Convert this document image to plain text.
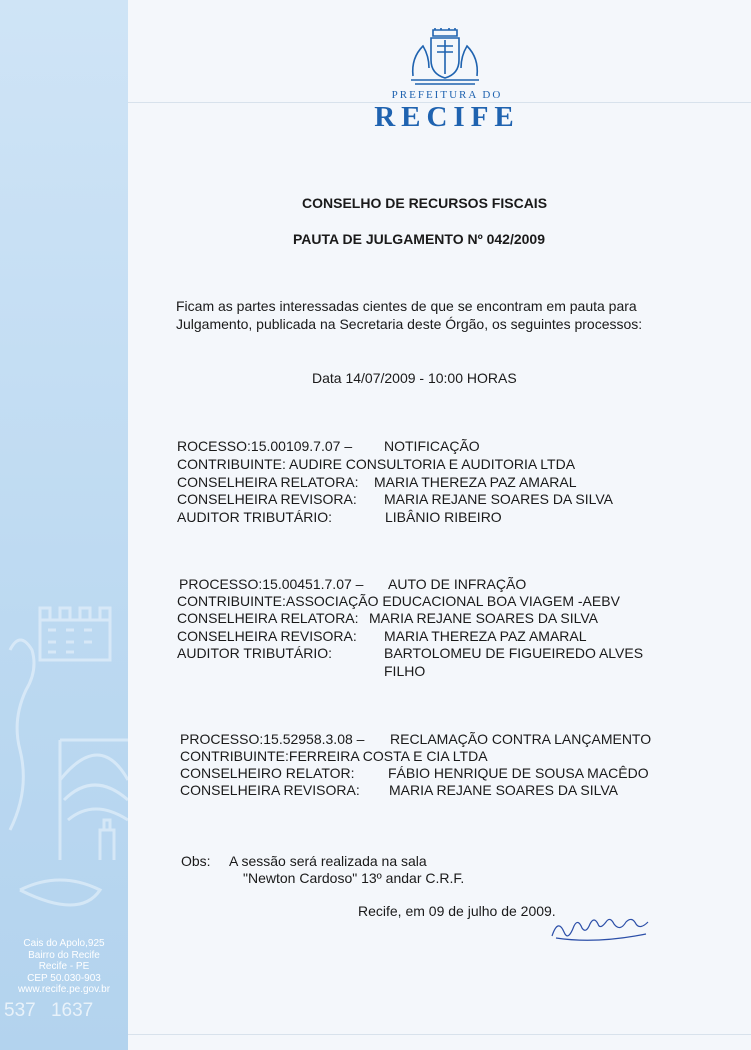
Cais do Apolo,925
Bairro do Recife
Recife - PE
CEP 50.030-903
www.recife.pe.gov.br
537 1637
PREFEITURA DO
RECIFE
CONSELHO DE RECURSOS FISCAIS
PAUTA DE JULGAMENTO Nº 042/2009
Ficam as partes interessadas cientes de que se encontram em pauta para
Julgamento, publicada na Secretaria deste Órgão, os seguintes processos:
Data 14/07/2009 - 10:00 HORAS
ROCESSO:15.00109.7.07 – NOTIFICAÇÃO
CONTRIBUINTE: AUDIRE CONSULTORIA E AUDITORIA LTDA
CONSELHEIRA RELATORA: MARIA THEREZA PAZ AMARAL
CONSELHEIRA REVISORA: MARIA REJANE SOARES DA SILVA
AUDITOR TRIBUTÁRIO:	LIBÂNIO RIBEIRO
PROCESSO:15.00451.7.07 – AUTO DE INFRAÇÃO
CONTRIBUINTE:ASSOCIAÇÃO EDUCACIONAL BOA VIAGEM -AEBV
CONSELHEIRA RELATORA: MARIA REJANE SOARES DA SILVA
CONSELHEIRA REVISORA: MARIA THEREZA PAZ AMARAL
AUDITOR TRIBUTÁRIO:	BARTOLOMEU DE FIGUEIREDO ALVES
FILHO
PROCESSO:15.52958.3.08 – RECLAMAÇÃO CONTRA LANÇAMENTO
CONTRIBUINTE:FERREIRA COSTA E CIA LTDA
CONSELHEIRO RELATOR: FÁBIO HENRIQUE DE SOUSA MACÊDO
CONSELHEIRA REVISORA: MARIA REJANE SOARES DA SILVA
Obs: A sessão será realizada na sala
"Newton Cardoso" 13º andar C.R.F.
Recife, em 09 de julho de 2009.
